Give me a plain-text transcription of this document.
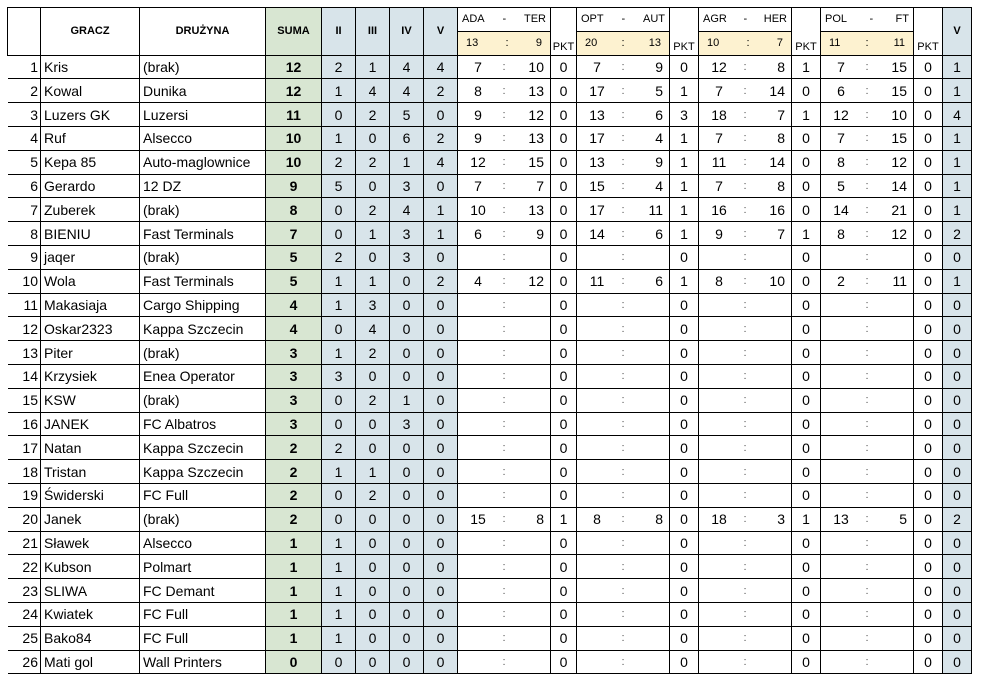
	GRACZ	DRUŻYNA	SUMA	II	III	IV	V	ADA - TER	PKT	OPT - AUT	PKT	AGR - HER	PKT	POL - FT	PKT	V

								13 : 9		20 : 13		10 : 7		11 : 11		

1	Kris	(brak)	12	2	1	4	4	7 : 10	0	7 : 9	0	12 : 8	1	7 : 15	0	1
2	Kowal	Dunika	12	1	4	4	2	8 : 13	0	17 : 5	1	7 : 14	0	6 : 15	0	1
3	Luzers GK	Luzersi	11	0	2	5	0	9 : 12	0	13 : 6	3	18 : 7	1	12 : 10	0	4
4	Ruf	Alsecco	10	1	0	6	2	9 : 13	0	17 : 4	1	7 : 8	0	7 : 15	0	1
5	Kepa 85	Auto-maglownice	10	2	2	1	4	12 : 15	0	13 : 9	1	11 : 14	0	8 : 12	0	1
6	Gerardo	12 DZ	9	5	0	3	0	7 : 7	0	15 : 4	1	7 : 8	0	5 : 14	0	1
7	Zuberek	(brak)	8	0	2	4	1	10 : 13	0	17 : 11	1	16 : 16	0	14 : 21	0	1
8	BIENIU	Fast Terminals	7	0	1	3	1	6 : 9	0	14 : 6	1	9 : 7	1	8 : 12	0	2
9	jaqer	(brak)	5	2	0	3	0	:	0	:	0	:	0	:	0	0
10	Wola	Fast Terminals	5	1	1	0	2	4 : 12	0	11 : 6	1	8 : 10	0	2 : 11	0	1
11	Makasiaja	Cargo Shipping	4	1	3	0	0	:	0	:	0	:	0	:	0	0
12	Oskar2323	Kappa Szczecin	4	0	4	0	0	:	0	:	0	:	0	:	0	0
13	Piter	(brak)	3	1	2	0	0	:	0	:	0	:	0	:	0	0
14	Krzysiek	Enea Operator	3	3	0	0	0	:	0	:	0	:	0	:	0	0
15	KSW	(brak)	3	0	2	1	0	:	0	:	0	:	0	:	0	0
16	JANEK	FC Albatros	3	0	0	3	0	:	0	:	0	:	0	:	0	0
17	Natan	Kappa Szczecin	2	2	0	0	0	:	0	:	0	:	0	:	0	0
18	Tristan	Kappa Szczecin	2	1	1	0	0	:	0	:	0	:	0	:	0	0
19	Świderski	FC Full	2	0	2	0	0	:	0	:	0	:	0	:	0	0
20	Janek	(brak)	2	0	0	0	0	15 : 8	1	8 : 8	0	18 : 3	1	13 : 5	0	2
21	Sławek	Alsecco	1	1	0	0	0	:	0	:	0	:	0	:	0	0
22	Kubson	Polmart	1	1	0	0	0	:	0	:	0	:	0	:	0	0
23	SLIWA	FC Demant	1	1	0	0	0	:	0	:	0	:	0	:	0	0
24	Kwiatek	FC Full	1	1	0	0	0	:	0	:	0	:	0	:	0	0
25	Bako84	FC Full	1	1	0	0	0	:	0	:	0	:	0	:	0	0
26	Mati gol	Wall Printers	0	0	0	0	0	:	0	:	0	:	0	:	0	0
